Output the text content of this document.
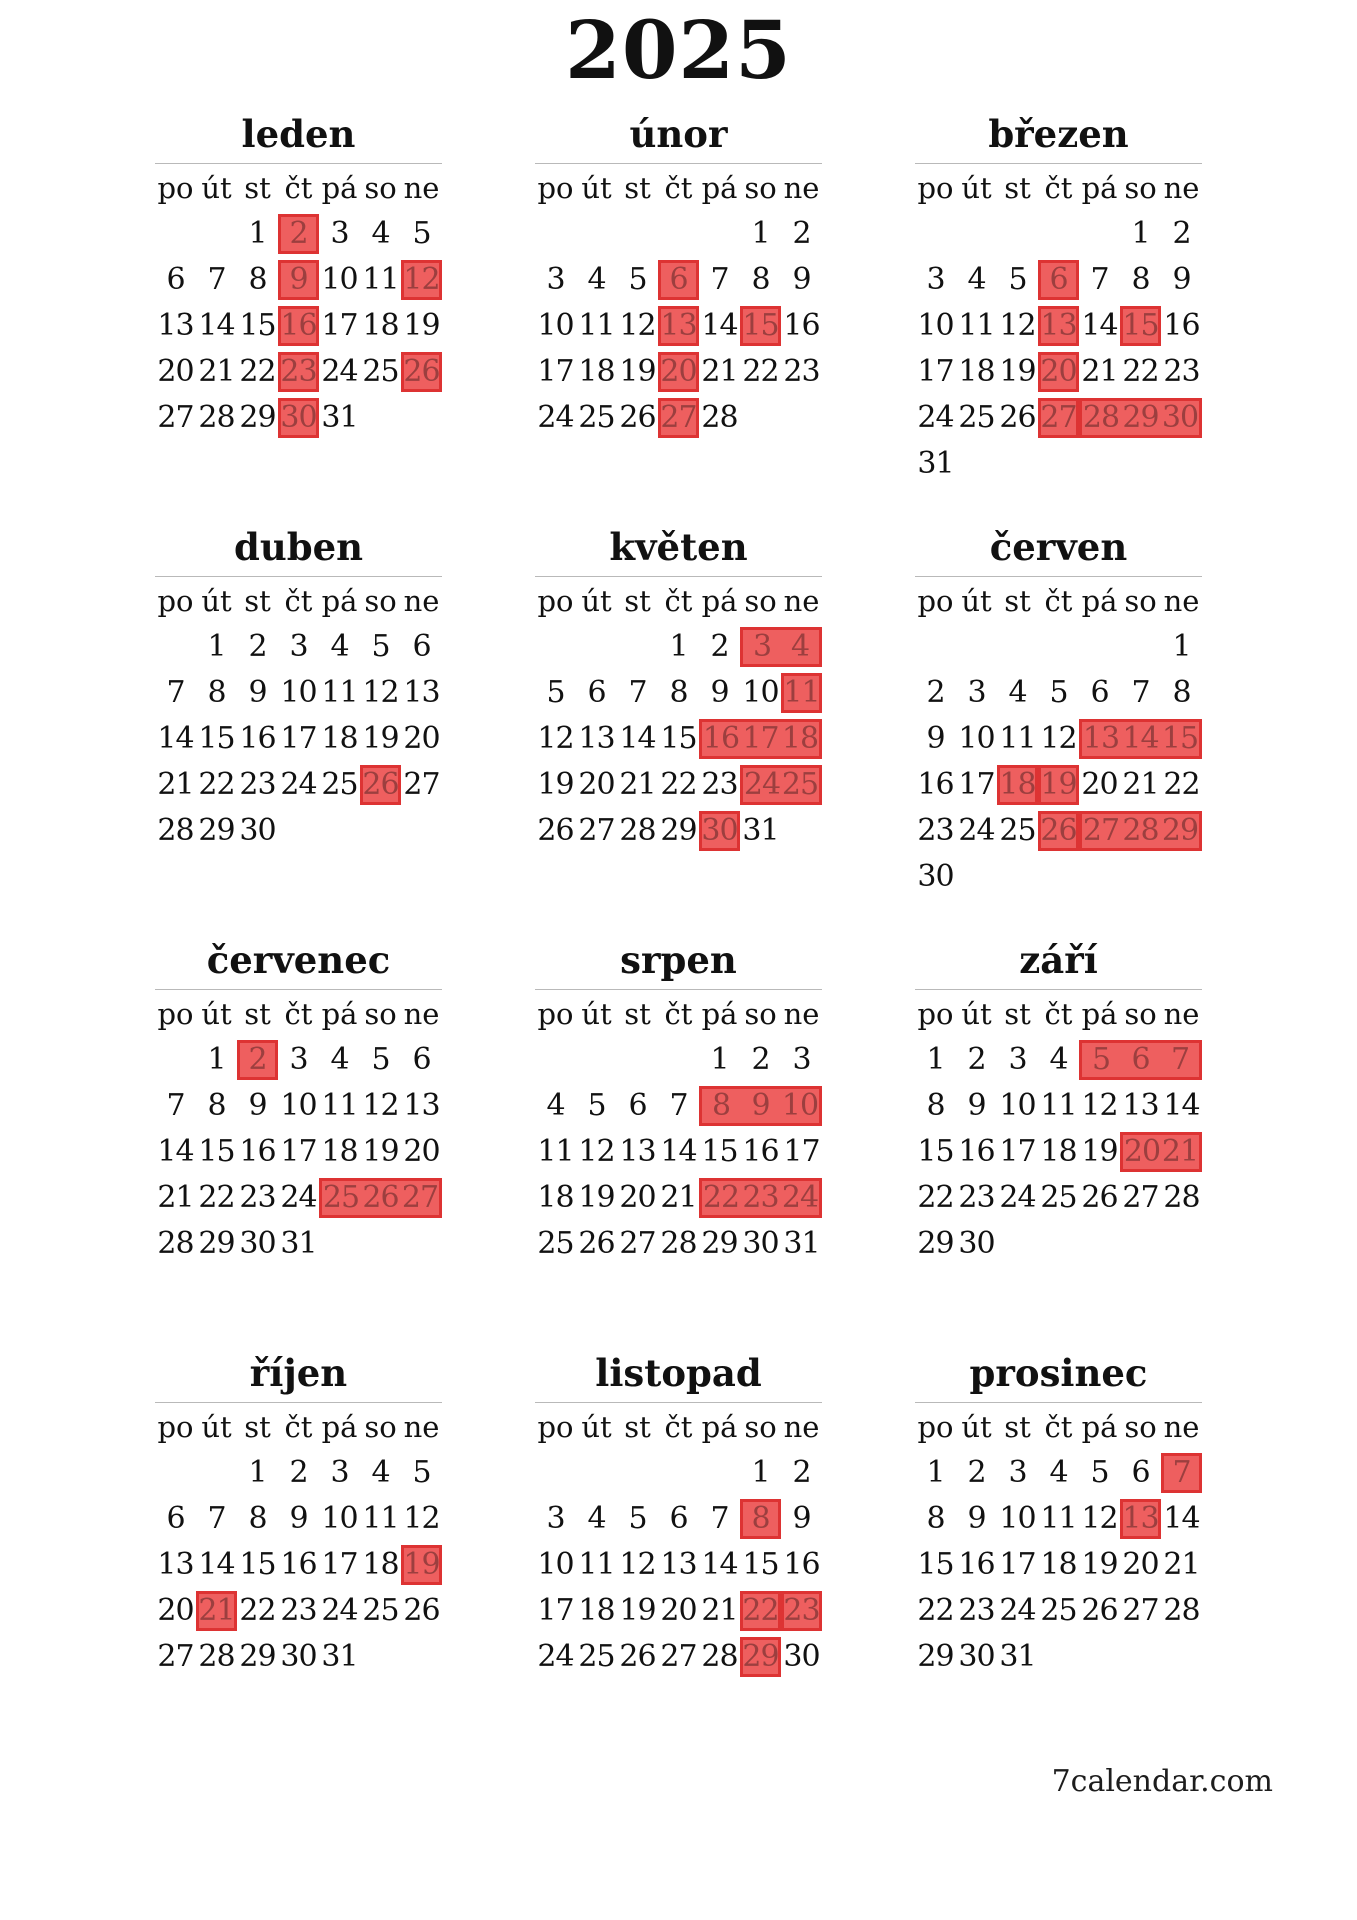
2025
leden
po út st čt pá so ne
1 2 3 4 5
6 7 8 9 10 11 12
13 14 15 16 17 18 19
20 21 22 23 24 25 26
27 28 29 30 31
únor
po út st čt pá so ne
1 2
3 4 5 6 7 8 9
10 11 12 13 14 15 16
17 18 19 20 21 22 23
24 25 26 27 28
březen
po út st čt pá so ne
1 2
3 4 5 6 7 8 9
10 11 12 13 14 15 16
17 18 19 20 21 22 23
24 25 26 27 28 29 30
31
duben
po út st čt pá so ne
1 2 3 4 5 6
7 8 9 10 11 12 13
14 15 16 17 18 19 20
21 22 23 24 25 26 27
28 29 30
květen
po út st čt pá so ne
1 2 3 4
5 6 7 8 9 10 11
12 13 14 15 16 17 18
19 20 21 22 23 24 25
26 27 28 29 30 31
červen
po út st čt pá so ne
1
2 3 4 5 6 7 8
9 10 11 12 13 14 15
16 17 18 19 20 21 22
23 24 25 26 27 28 29
30
červenec
po út st čt pá so ne
1 2 3 4 5 6
7 8 9 10 11 12 13
14 15 16 17 18 19 20
21 22 23 24 25 26 27
28 29 30 31
srpen
po út st čt pá so ne
1 2 3
4 5 6 7 8 9 10
11 12 13 14 15 16 17
18 19 20 21 22 23 24
25 26 27 28 29 30 31
září
po út st čt pá so ne
1 2 3 4 5 6 7
8 9 10 11 12 13 14
15 16 17 18 19 20 21
22 23 24 25 26 27 28
29 30
říjen
po út st čt pá so ne
1 2 3 4 5
6 7 8 9 10 11 12
13 14 15 16 17 18 19
20 21 22 23 24 25 26
27 28 29 30 31
listopad
po út st čt pá so ne
1 2
3 4 5 6 7 8 9
10 11 12 13 14 15 16
17 18 19 20 21 22 23
24 25 26 27 28 29 30
prosinec
po út st čt pá so ne
1 2 3 4 5 6 7
8 9 10 11 12 13 14
15 16 17 18 19 20 21
22 23 24 25 26 27 28
29 30 31
7calendar.com
